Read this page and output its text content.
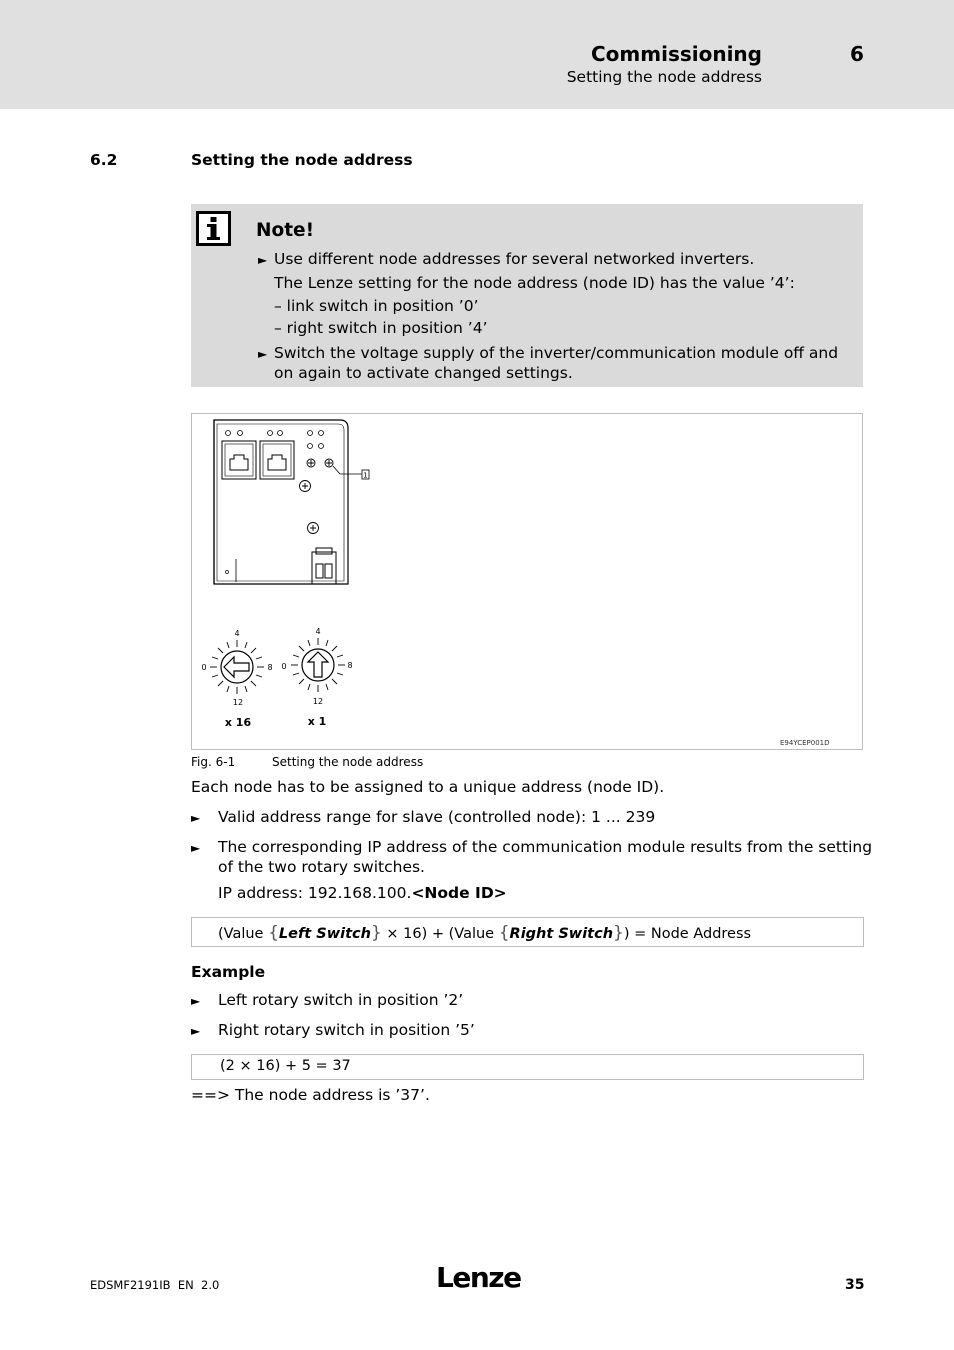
Commissioning	6
Setting the node address
6.2	Setting the node address
Note!
► Use different node addresses for several networked inverters.
The Lenze setting for the node address (node ID) has the value ’4’:
– link switch in position ’0’
– right switch in position ’4’
► Switch the voltage supply of the inverter/communication module off and
on again to activate changed settings.
1
4
0	8
12
x 16
4
0	8
12
x 1
E94YCEP001D
Fig. 6-1	Setting the node address
Each node has to be assigned to a unique address (node ID).
► Valid address range for slave (controlled node): 1 ... 239
► The corresponding IP address of the communication module results from the setting
of the two rotary switches.
IP address: 192.168.100.<Node ID>
(Value {Left Switch} × 16) + (Value {Right Switch}) = Node Address
Example
► Left rotary switch in position ’2’
► Right rotary switch in position ’5’
(2 × 16) + 5 = 37
==> The node address is ’37’.
EDSMF2191IB  EN  2.0	Lenze	35
